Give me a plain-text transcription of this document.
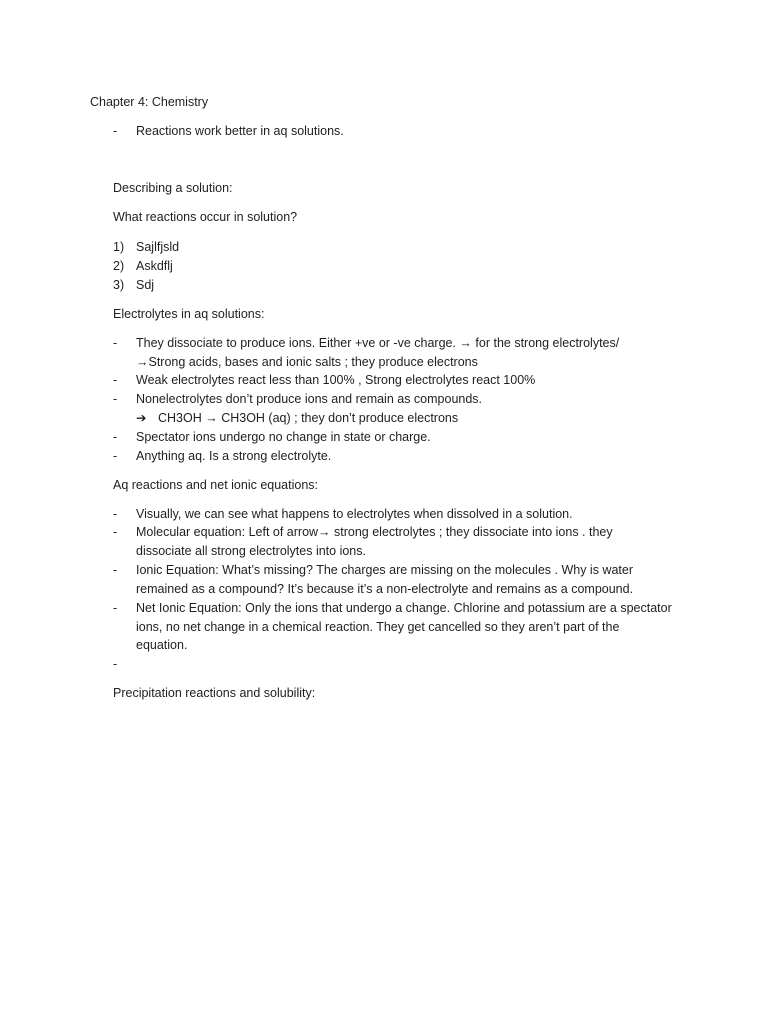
Chapter 4: Chemistry
- Reactions work better in aq solutions.
Describing a solution:
What reactions occur in solution?
1) Sajlfjsld
2) Askdflj
3) Sdj
Electrolytes in aq solutions:
- They dissociate to produce ions. Either +ve or -ve charge. → for the strong electrolytes/
→Strong acids, bases and ionic salts ; they produce electrons
- Weak electrolytes react less than 100% , Strong electrolytes react 100%
- Nonelectrolytes don’t produce ions and remain as compounds.
➔ CH3OH → CH3OH (aq) ; they don’t produce electrons
- Spectator ions undergo no change in state or charge.
- Anything aq. Is a strong electrolyte.
Aq reactions and net ionic equations:
- Visually, we can see what happens to electrolytes when dissolved in a solution.
- Molecular equation: Left of arrow→ strong electrolytes ; they dissociate into ions . they
dissociate all strong electrolytes into ions.
- Ionic Equation: What’s missing? The charges are missing on the molecules . Why is water
remained as a compound? It’s because it’s a non-electrolyte and remains as a compound.
- Net Ionic Equation: Only the ions that undergo a change. Chlorine and potassium are a spectator
ions, no net change in a chemical reaction. They get cancelled so they aren’t part of the
equation.
-
Precipitation reactions and solubility:
